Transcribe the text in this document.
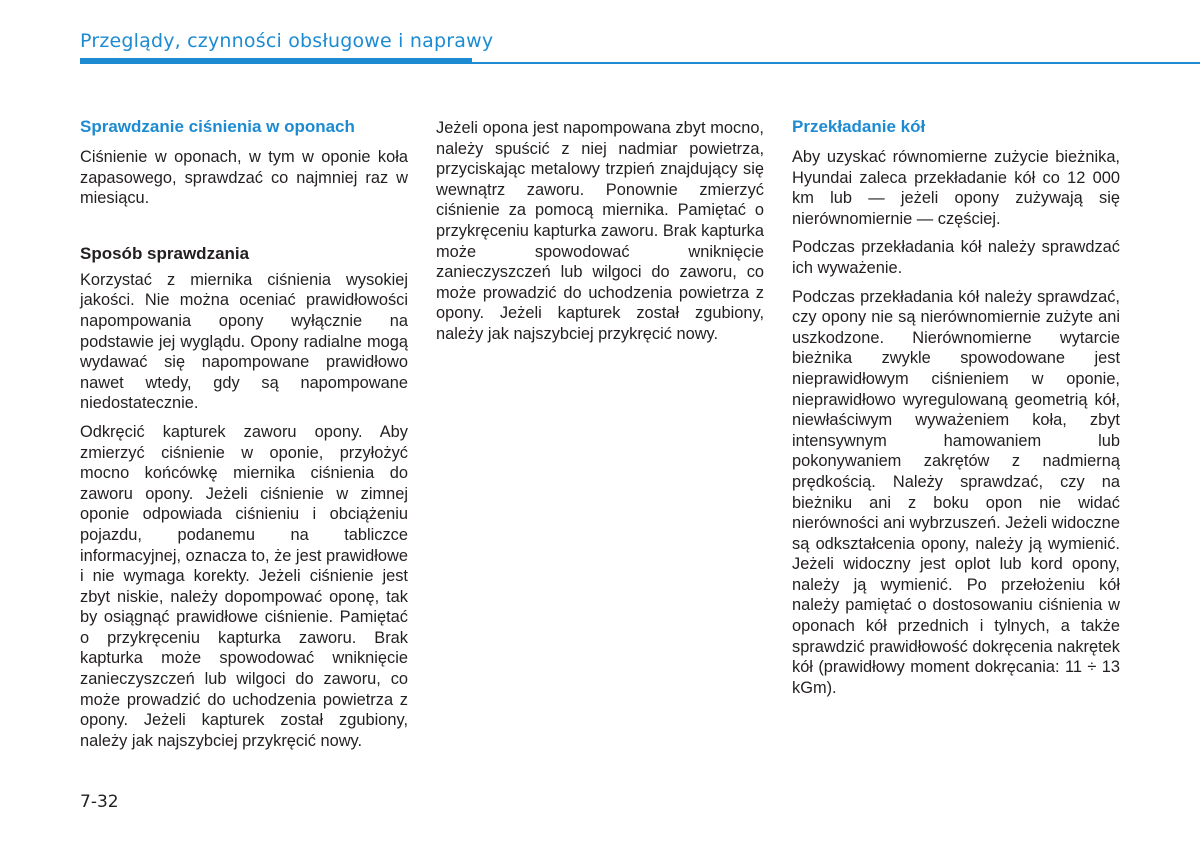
Przeglądy, czynności obsługowe i naprawy
Sprawdzanie ciśnienia w oponach

Ciśnienie w oponach, w tym w oponie koła zapasowego, sprawdzać co najmniej raz w miesiącu.

Sposób sprawdzania

Korzystać z miernika ciśnienia wysokiej jakości. Nie można oceniać prawidłowości napompowania opony wyłącznie na podstawie jej wyglądu. Opony radialne mogą wydawać się napompowane prawidłowo nawet wtedy, gdy są napompowane niedostatecznie.

Odkręcić kapturek zaworu opony. Aby zmierzyć ciśnienie w oponie, przyłożyć mocno końcówkę miernika ciśnienia do zaworu opony. Jeżeli ciśnienie w zimnej oponie odpowiada ciśnieniu i obciążeniu pojazdu, podanemu na tabliczce informacyjnej, oznacza to, że jest prawidłowe i nie wymaga korekty. Jeżeli ciśnienie jest zbyt niskie, należy dopompować oponę, tak by osiągnąć prawidłowe ciśnienie. Pamiętać o przykręceniu kapturka zaworu. Brak kapturka może spowodować wniknięcie zanieczyszczeń lub wilgoci do zaworu, co może prowadzić do uchodzenia powietrza z opony. Jeżeli kapturek został zgubiony, należy jak najszybciej przykręcić nowy.

Jeżeli opona jest napompowana zbyt mocno, należy spuścić z niej nadmiar powietrza, przyciskając metalowy trzpień znajdujący się wewnątrz zaworu. Ponownie zmierzyć ciśnienie za pomocą miernika. Pamiętać o przykręceniu kapturka zaworu. Brak kapturka może spowodować wniknięcie zanieczyszczeń lub wilgoci do zaworu, co może prowadzić do uchodzenia powietrza z opony. Jeżeli kapturek został zgubiony, należy jak najszybciej przykręcić nowy.

Przekładanie kół

Aby uzyskać równomierne zużycie bieżnika, Hyundai zaleca przekładanie kół co 12 000 km lub — jeżeli opony zużywają się nierównomiernie — częściej.

Podczas przekładania kół należy sprawdzać ich wyważenie.

Podczas przekładania kół należy sprawdzać, czy opony nie są nierównomiernie zużyte ani uszkodzone. Nierównomierne wytarcie bieżnika zwykle spowodowane jest nieprawidłowym ciśnieniem w oponie, nieprawidłowo wyregulowaną geometrią kół, niewłaściwym wyważeniem koła, zbyt intensywnym hamowaniem lub pokonywaniem zakrętów z nadmierną prędkością. Należy sprawdzać, czy na bieżniku ani z boku opon nie widać nierówności ani wybrzuszeń. Jeżeli widoczne są odkształcenia opony, należy ją wymienić. Jeżeli widoczny jest oplot lub kord opony, należy ją wymienić. Po przełożeniu kół należy pamiętać o dostosowaniu ciśnienia w oponach kół przednich i tylnych, a także sprawdzić prawidłowość dokręcenia nakrętek kół (prawidłowy moment dokręcania: 11 ÷ 13 kGm).

7-32
